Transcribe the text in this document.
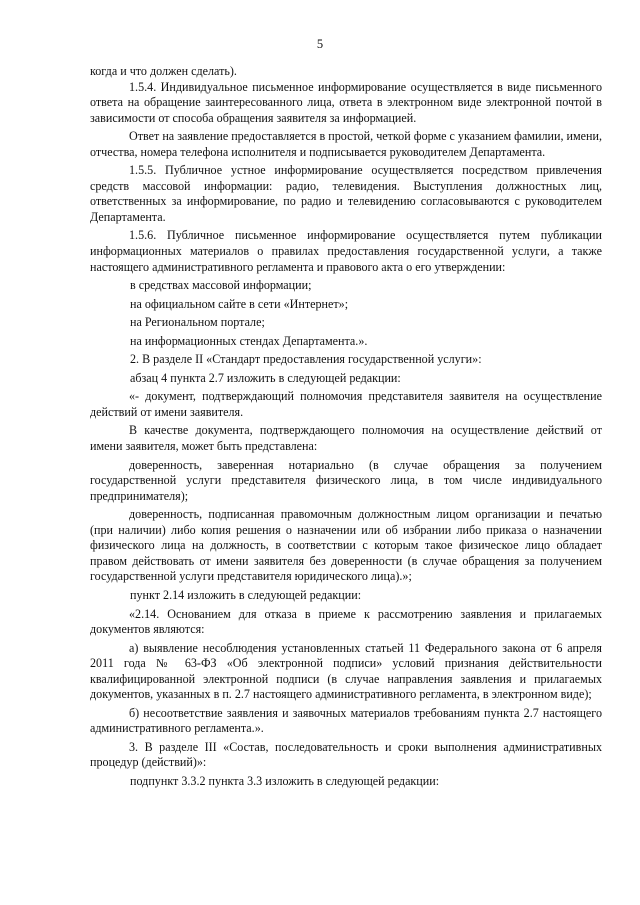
5

когда и что должен сделать).

1.5.4. Индивидуальное письменное информирование осуществляется в виде письменного ответа на обращение заинтересованного лица, ответа в электронном виде электронной почтой в зависимости от способа обращения заявителя за информацией.

Ответ на заявление предоставляется в простой, четкой форме с указанием фамилии, имени, отчества, номера телефона исполнителя и подписывается руководителем Департамента.

1.5.5. Публичное устное информирование осуществляется посредством привлечения средств массовой информации: радио, телевидения. Выступления должностных лиц, ответственных за информирование, по радио и телевидению согласовываются с руководителем Департамента.

1.5.6. Публичное письменное информирование осуществляется путем публикации информационных материалов о правилах предоставления государственной услуги, а также настоящего административного регламента и правового акта о его утверждении:

в средствах массовой информации;

на официальном сайте в сети «Интернет»;

на Региональном портале;

на информационных стендах Департамента.».

2. В разделе II «Стандарт предоставления государственной услуги»:

абзац 4 пункта 2.7 изложить в следующей редакции:

«- документ, подтверждающий полномочия представителя заявителя на осуществление действий от имени заявителя.

В качестве документа, подтверждающего полномочия на осуществление действий от имени заявителя, может быть представлена:

доверенность, заверенная нотариально (в случае обращения за получением государственной услуги представителя физического лица, в том числе индивидуального предпринимателя);

доверенность, подписанная правомочным должностным лицом организации и печатью (при наличии) либо копия решения о назначении или об избрании либо приказа о назначении физического лица на должность, в соответствии с которым такое физическое лицо обладает правом действовать от имени заявителя без доверенности (в случае обращения за получением государственной услуги представителя юридического лица).»;

пункт 2.14 изложить в следующей редакции:

«2.14. Основанием для отказа в приеме к рассмотрению заявления и прилагаемых документов являются:

а) выявление несоблюдения установленных статьей 11 Федерального закона от 6 апреля 2011 года № 63-ФЗ «Об электронной подписи» условий признания действительности квалифицированной электронной подписи (в случае направления заявления и прилагаемых документов, указанных в п. 2.7 настоящего административного регламента, в электронном виде);

б) несоответствие заявления и заявочных материалов требованиям пункта 2.7 настоящего административного регламента.».

3. В разделе III «Состав, последовательность и сроки выполнения административных процедур (действий)»:

подпункт 3.3.2 пункта 3.3 изложить в следующей редакции:
